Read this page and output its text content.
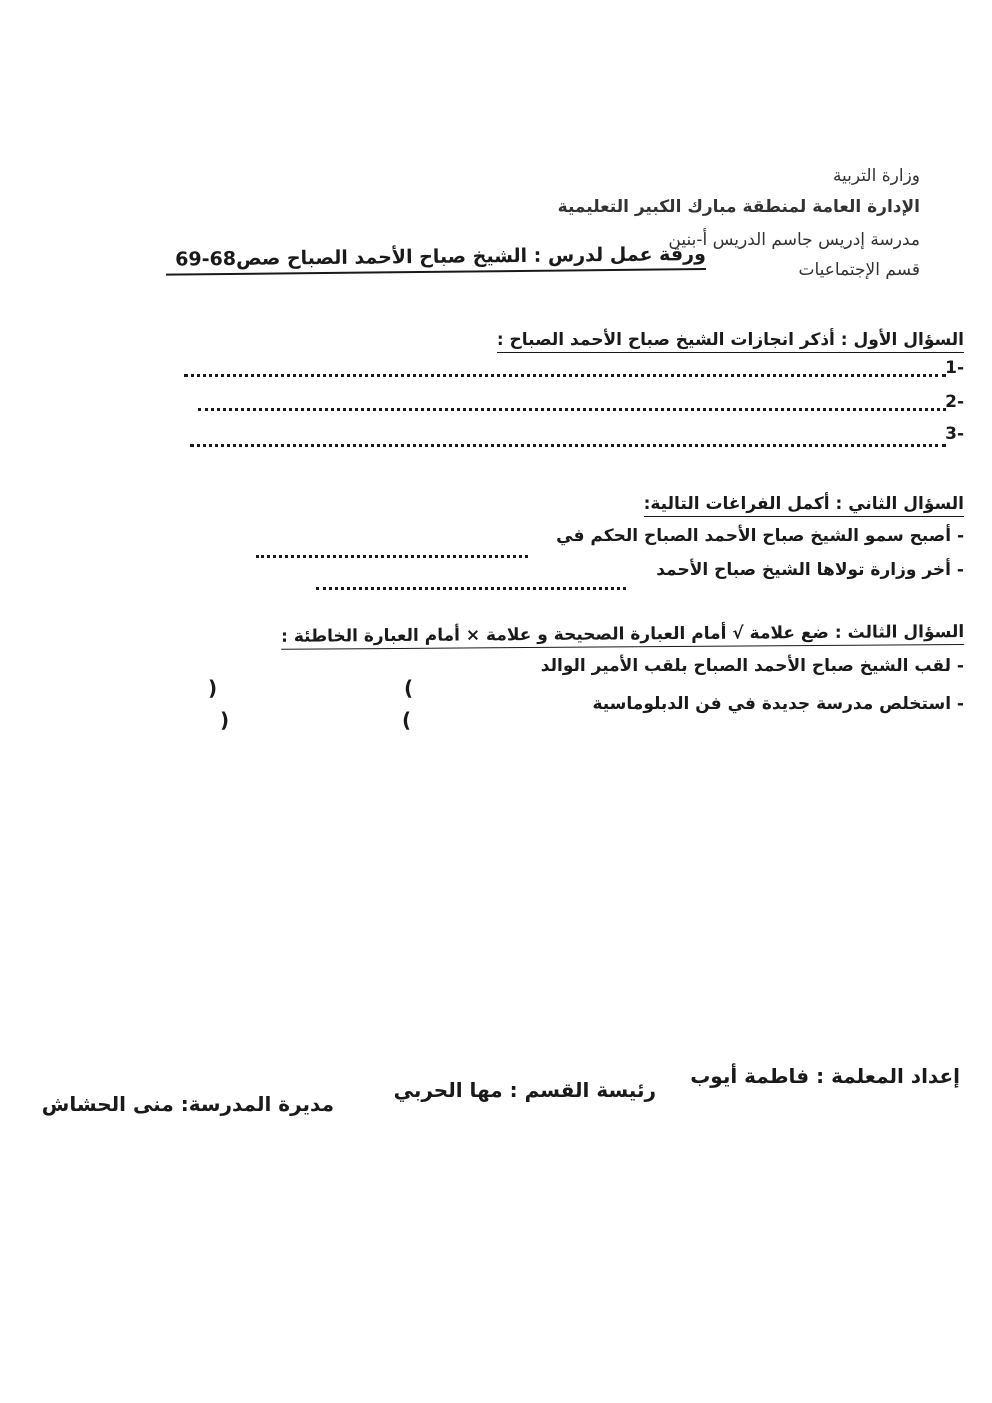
وزارة التربية
الإدارة العامة لمنطقة مبارك الكبير التعليمية
مدرسة إدريس جاسم الدريس أ-بنين
قسم الإجتماعيات
ورقة عمل لدرس : الشيخ صباح الأحمد الصباح صص68-69
السؤال الأول : أذكر انجازات الشيخ صباح الأحمد الصباح :
-1
-2
-3
السؤال الثاني : أكمل الفراغات التالية:
- أصبح سمو الشيخ صباح الأحمد الصباح الحكم في
- أخر وزارة تولاها الشيخ صباح الأحمد
السؤال الثالث : ضع علامة √ أمام العبارة الصحيحة و علامة × أمام العبارة الخاطئة :
- لقب الشيخ صباح الأحمد الصباح بلقب الأمير الوالد
- استخلص مدرسة جديدة في فن الدبلوماسية
(
)
(
)
إعداد المعلمة : فاطمة أيوب
رئيسة القسم : مها الحربي
مديرة المدرسة: منى الحشاش
